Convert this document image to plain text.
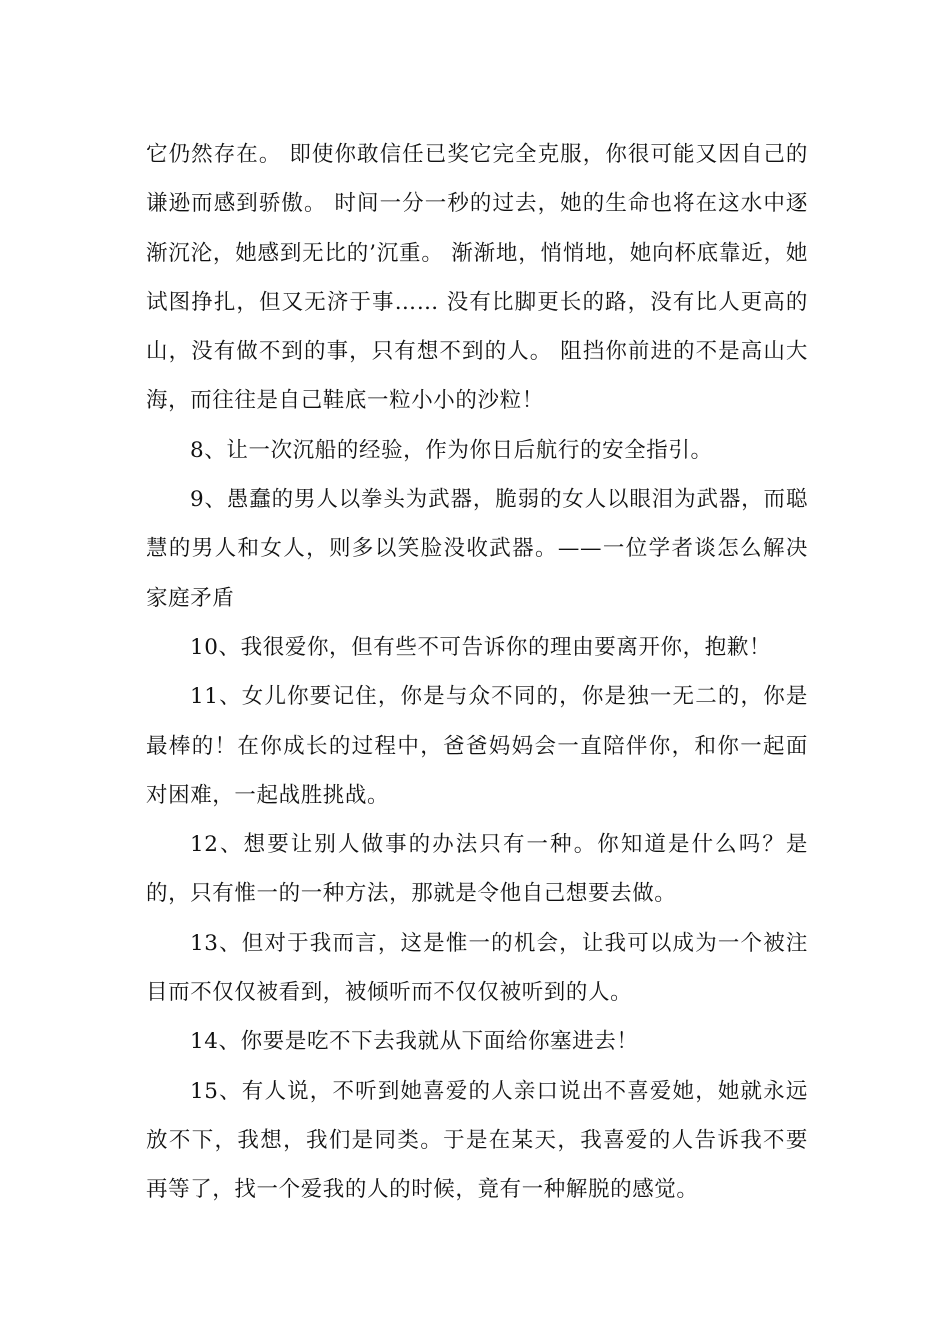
它仍然存在。 即使你敢信任已奖它完全克服，你很可能又因自己的谦逊而感到骄傲。 时间一分一秒的过去，她的生命也将在这水中逐渐沉沦，她感到无比的’沉重。 渐渐地，悄悄地，她向杯底靠近，她试图挣扎，但又无济于事…… 没有比脚更长的路，没有比人更高的山，没有做不到的事，只有想不到的人。 阻挡你前进的不是高山大海，而往往是自己鞋底一粒小小的沙粒！

8、让一次沉船的经验，作为你日后航行的安全指引。

9、愚蠢的男人以拳头为武器，脆弱的女人以眼泪为武器，而聪慧的男人和女人，则多以笑脸没收武器。——一位学者谈怎么解决家庭矛盾

10、我很爱你，但有些不可告诉你的理由要离开你，抱歉！

11、女儿你要记住，你是与众不同的，你是独一无二的，你是最棒的！在你成长的过程中，爸爸妈妈会一直陪伴你，和你一起面对困难，一起战胜挑战。

12、想要让别人做事的办法只有一种。你知道是什么吗？是的，只有惟一的一种方法，那就是令他自己想要去做。

13、但对于我而言，这是惟一的机会，让我可以成为一个被注目而不仅仅被看到，被倾听而不仅仅被听到的人。

14、你要是吃不下去我就从下面给你塞进去！

15、有人说，不听到她喜爱的人亲口说出不喜爱她，她就永远放不下，我想，我们是同类。于是在某天，我喜爱的人告诉我不要再等了，找一个爱我的人的时候，竟有一种解脱的感觉。
